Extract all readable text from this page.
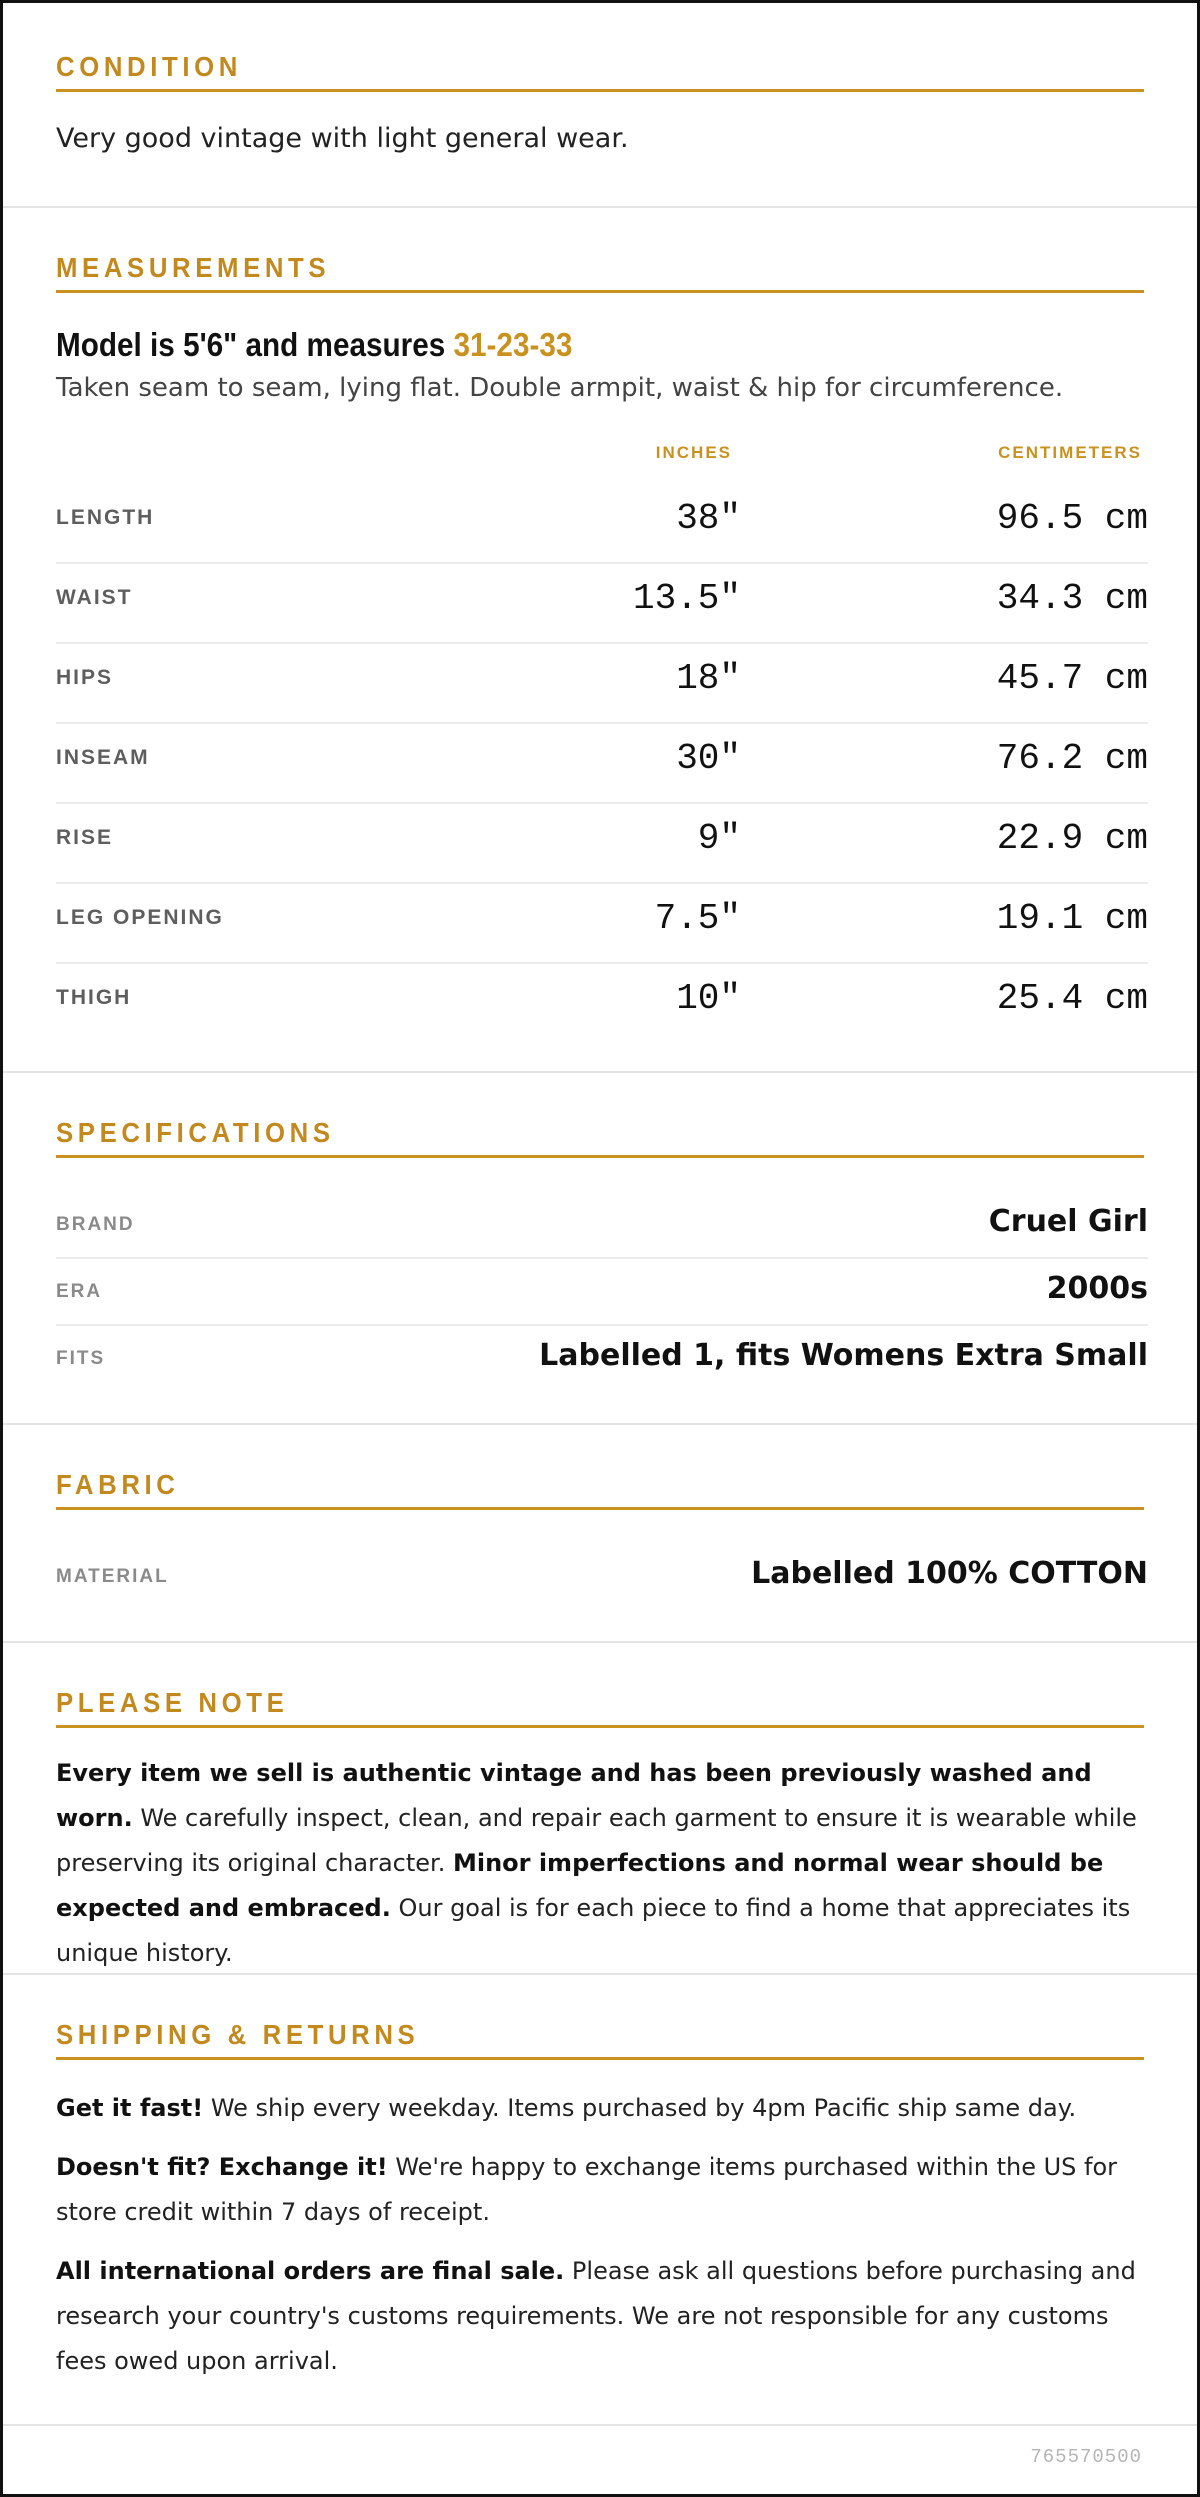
CONDITION
Very good vintage with light general wear.
MEASUREMENTS
Model is 5'6" and measures 31-23-33
Taken seam to seam, lying flat. Double armpit, waist & hip for circumference.
INCHES	CENTIMETERS
LENGTH	38"	96.5 cm
WAIST	13.5"	34.3 cm
HIPS	18"	45.7 cm
INSEAM	30"	76.2 cm
RISE	9"	22.9 cm
LEG OPENING	7.5"	19.1 cm
THIGH	10"	25.4 cm
SPECIFICATIONS
BRAND	Cruel Girl
ERA	2000s
FITS	Labelled 1, fits Womens Extra Small
FABRIC
MATERIAL	Labelled 100% COTTON
PLEASE NOTE

Every item we sell is authentic vintage and has been previously washed and worn. We carefully inspect, clean, and repair each garment to ensure it is wearable while preserving its original character. Minor imperfections and normal wear should be expected and embraced. Our goal is for each piece to find a home that appreciates its unique history.

SHIPPING & RETURNS

Get it fast! We ship every weekday. Items purchased by 4pm Pacific ship same day.

Doesn't fit? Exchange it! We're happy to exchange items purchased within the US for store credit within 7 days of receipt.

All international orders are final sale. Please ask all questions before purchasing and research your country's customs requirements. We are not responsible for any customs fees owed upon arrival.

765570500
